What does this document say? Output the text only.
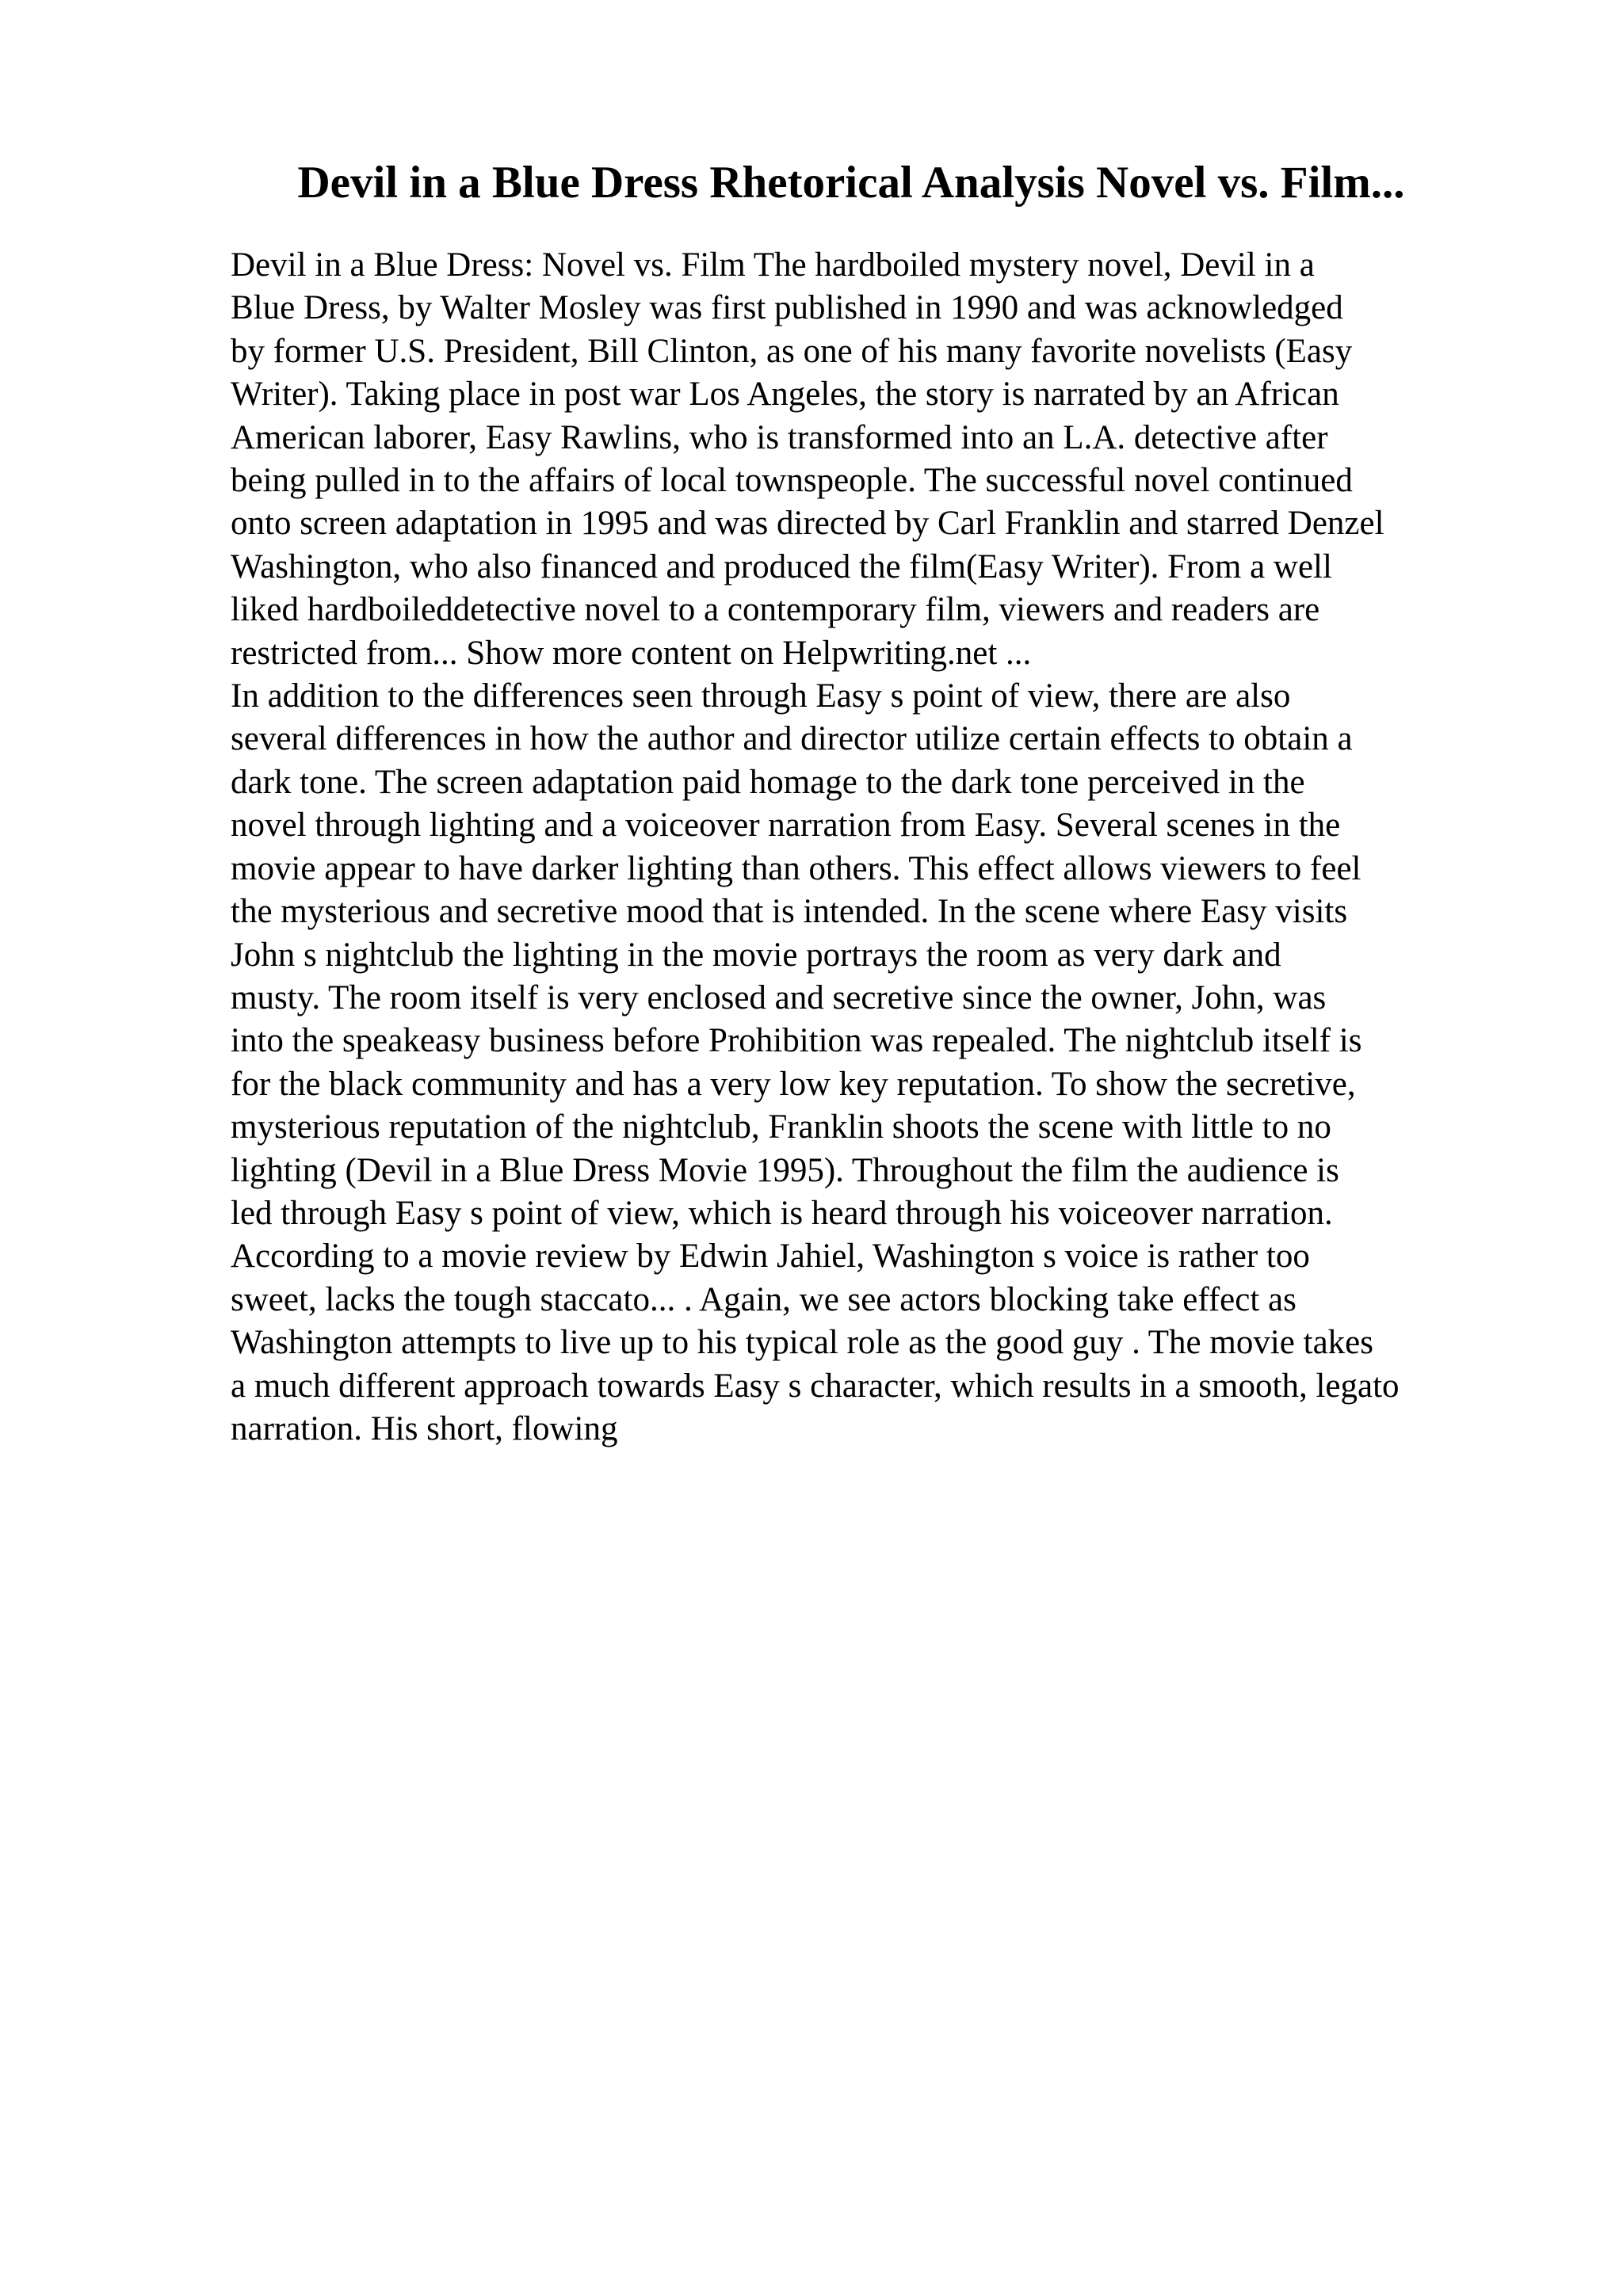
Devil in a Blue Dress Rhetorical Analysis Novel vs. Film...
Devil in a Blue Dress: Novel vs. Film The hardboiled mystery novel, Devil in a
Blue Dress, by Walter Mosley was first published in 1990 and was acknowledged
by former U.S. President, Bill Clinton, as one of his many favorite novelists (Easy
Writer). Taking place in post war Los Angeles, the story is narrated by an African
American laborer, Easy Rawlins, who is transformed into an L.A. detective after
being pulled in to the affairs of local townspeople. The successful novel continued
onto screen adaptation in 1995 and was directed by Carl Franklin and starred Denzel
Washington, who also financed and produced the film(Easy Writer). From a well
liked hardboileddetective novel to a contemporary film, viewers and readers are
restricted from... Show more content on Helpwriting.net ...
In addition to the differences seen through Easy s point of view, there are also
several differences in how the author and director utilize certain effects to obtain a
dark tone. The screen adaptation paid homage to the dark tone perceived in the
novel through lighting and a voiceover narration from Easy. Several scenes in the
movie appear to have darker lighting than others. This effect allows viewers to feel
the mysterious and secretive mood that is intended. In the scene where Easy visits
John s nightclub the lighting in the movie portrays the room as very dark and
musty. The room itself is very enclosed and secretive since the owner, John, was
into the speakeasy business before Prohibition was repealed. The nightclub itself is
for the black community and has a very low key reputation. To show the secretive,
mysterious reputation of the nightclub, Franklin shoots the scene with little to no
lighting (Devil in a Blue Dress Movie 1995). Throughout the film the audience is
led through Easy s point of view, which is heard through his voiceover narration.
According to a movie review by Edwin Jahiel, Washington s voice is rather too
sweet, lacks the tough staccato... . Again, we see actors blocking take effect as
Washington attempts to live up to his typical role as the good guy . The movie takes
a much different approach towards Easy s character, which results in a smooth, legato
narration. His short, flowing
